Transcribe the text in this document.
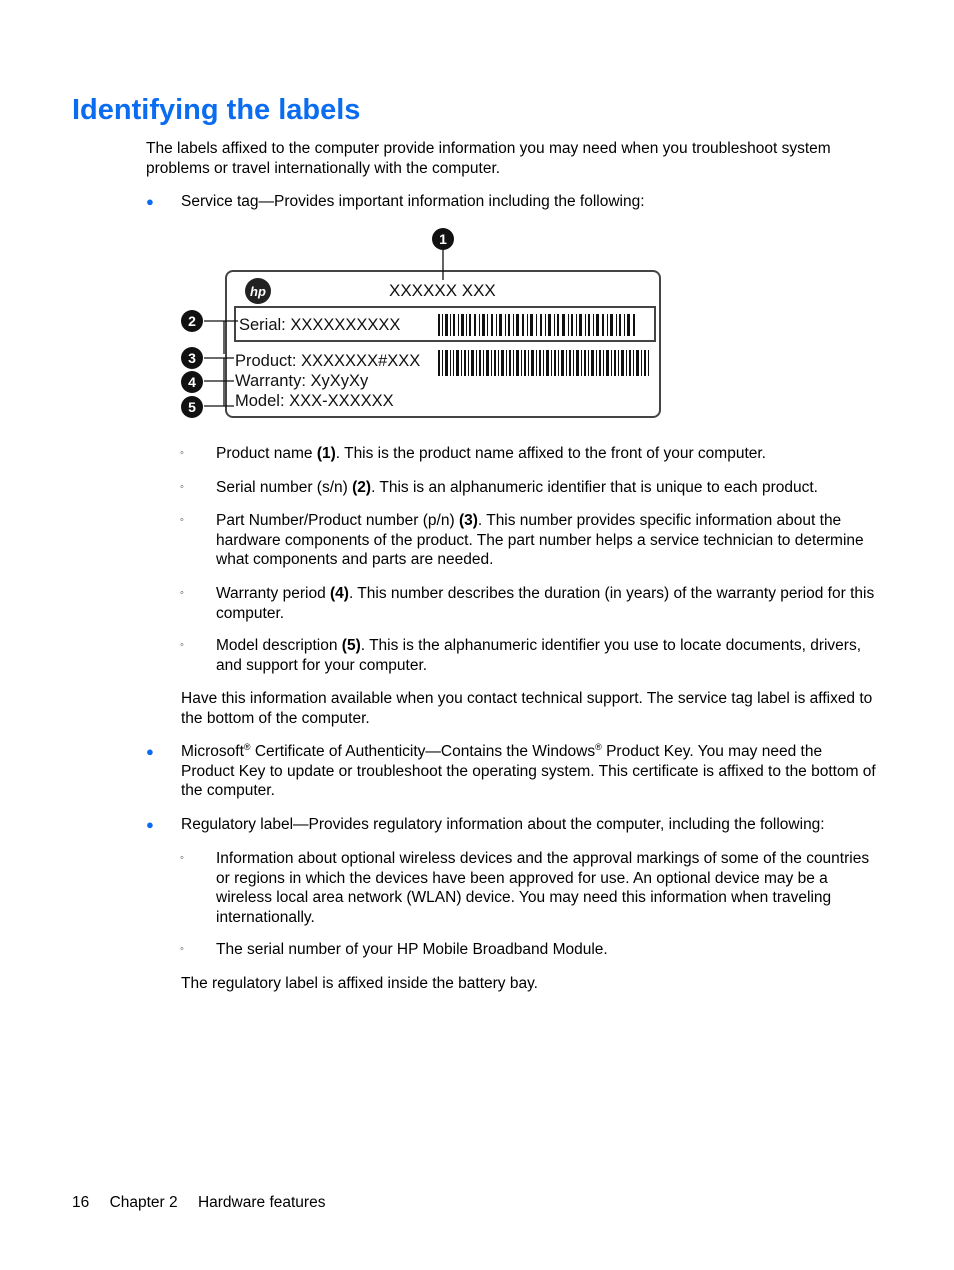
Identifying the labels

The labels affixed to the computer provide information you may need when you troubleshoot system problems or travel internationally with the computer.

● Service tag—Provides important information including the following:

hp	XXXXXX XXX
Serial: XXXXXXXXXX
Product: XXXXXXX#XXX
Warranty: XyXyXy
Model: XXX-XXXXXX
1
2
3
4
5
◦ Product name (1). This is the product name affixed to the front of your computer.

◦ Serial number (s/n) (2). This is an alphanumeric identifier that is unique to each product.

◦ Part Number/Product number (p/n) (3). This number provides specific information about the hardware components of the product. The part number helps a service technician to determine what components and parts are needed.

◦ Warranty period (4). This number describes the duration (in years) of the warranty period for this computer.

◦ Model description (5). This is the alphanumeric identifier you use to locate documents, drivers, and support for your computer.

Have this information available when you contact technical support. The service tag label is affixed to the bottom of the computer.

● Microsoft® Certificate of Authenticity—Contains the Windows® Product Key. You may need the Product Key to update or troubleshoot the operating system. This certificate is affixed to the bottom of the computer.

● Regulatory label—Provides regulatory information about the computer, including the following:

◦ Information about optional wireless devices and the approval markings of some of the countries or regions in which the devices have been approved for use. An optional device may be a wireless local area network (WLAN) device. You may need this information when traveling internationally.

◦ The serial number of your HP Mobile Broadband Module.

The regulatory label is affixed inside the battery bay.

16 Chapter 2 Hardware features
